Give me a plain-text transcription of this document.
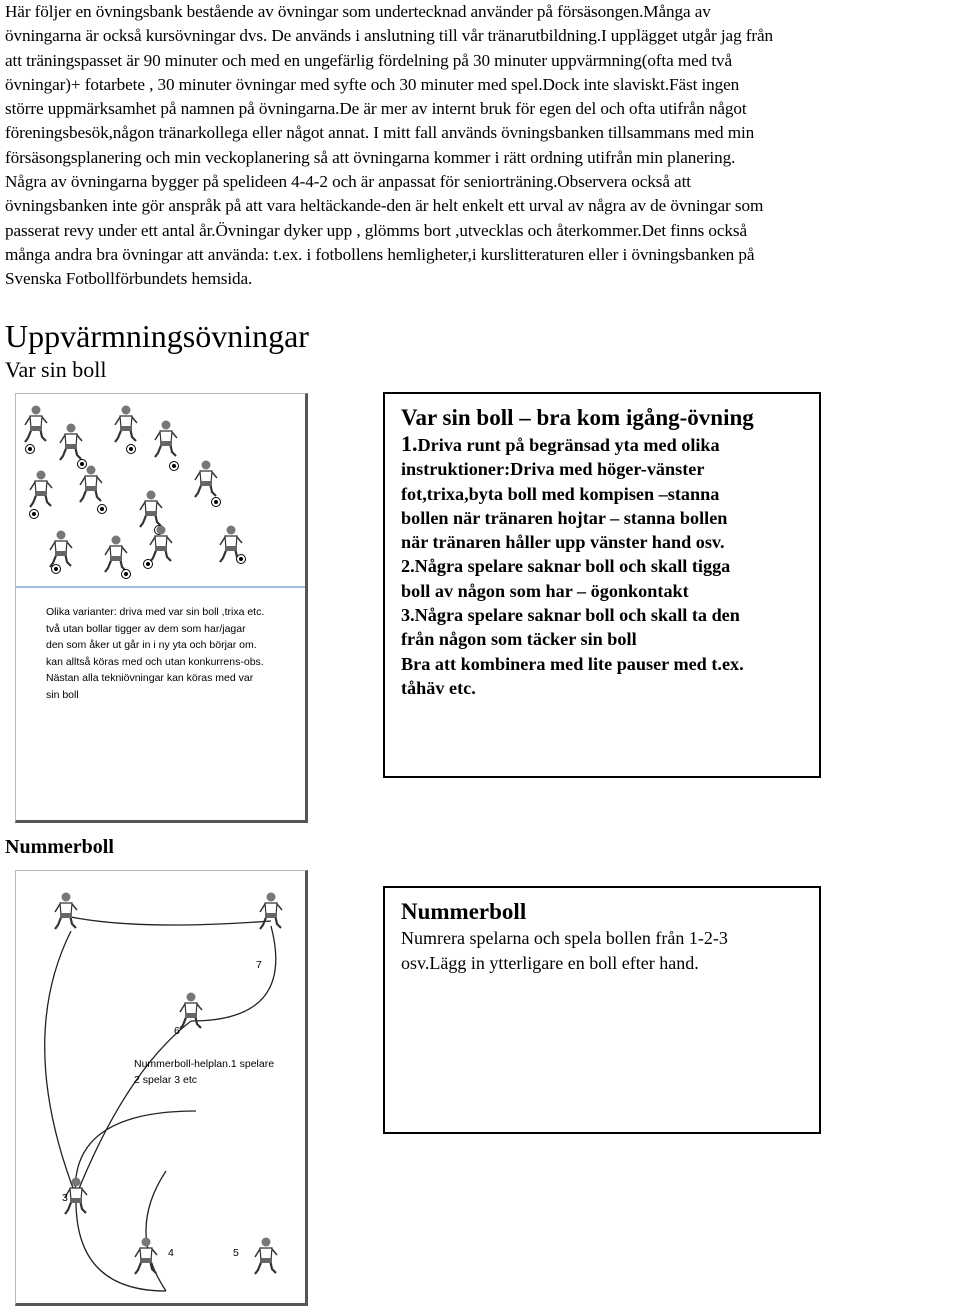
Här följer en övningsbank bestående av övningar som undertecknad använder på försäsongen.Många av
övningarna är också kursövningar dvs. De används i anslutning till vår tränarutbildning.I upplägget utgår jag från
att träningspasset är 90 minuter och med en ungefärlig fördelning på 30 minuter uppvärmning(ofta med två
övningar)+ fotarbete , 30 minuter övningar med syfte och 30 minuter med spel.Dock inte slaviskt.Fäst ingen
större uppmärksamhet på namnen på övningarna.De är mer av internt bruk för egen del och ofta utifrån något
föreningsbesök,någon tränarkollega eller något annat. I mitt fall används övningsbanken tillsammans med min
försäsongsplanering och min veckoplanering så att övningarna kommer i rätt ordning utifrån min planering.
Några av övningarna bygger på spelideen 4-4-2 och är anpassat för seniorträning.Observera också att
övningsbanken inte gör anspråk på att vara heltäckande-den är helt enkelt ett urval av några av de övningar som
passerat revy under ett antal år.Övningar dyker upp , glömms bort ,utvecklas och återkommer.Det finns också
många andra bra övningar att använda: t.ex. i fotbollens hemligheter,i kurslitteraturen eller i övningsbanken på
Svenska Fotbollförbundets hemsida.
Uppvärmningsövningar
Var sin boll
Olika varianter: driva med var sin boll ,trixa etc.
två utan bollar tigger av dem som har/jagar
den som åker ut går in i ny yta och börjar om.
kan alltså köras med och utan konkurrens-obs.
Nästan alla tekniövningar kan köras med var
sin boll
Var sin boll – bra kom igång-övning
1.Driva runt på begränsad yta med olika
instruktioner:Driva med höger-vänster
fot,trixa,byta boll med kompisen –stanna
bollen när tränaren hojtar – stanna bollen
när tränaren håller upp vänster hand osv.
2.Några spelare saknar boll och skall tigga
boll av någon som har – ögonkontakt
3.Några spelare saknar boll och skall ta den
från någon som täcker sin boll
Bra att kombinera med lite pauser med t.ex.
tåhäv etc.
Nummerboll
7
6
3
4	5
Nummerboll-helplan.1 spelare
2 spelar 3 etc
Nummerboll
Numrera spelarna och spela bollen från 1-2-3
osv.Lägg in ytterligare en boll efter hand.
